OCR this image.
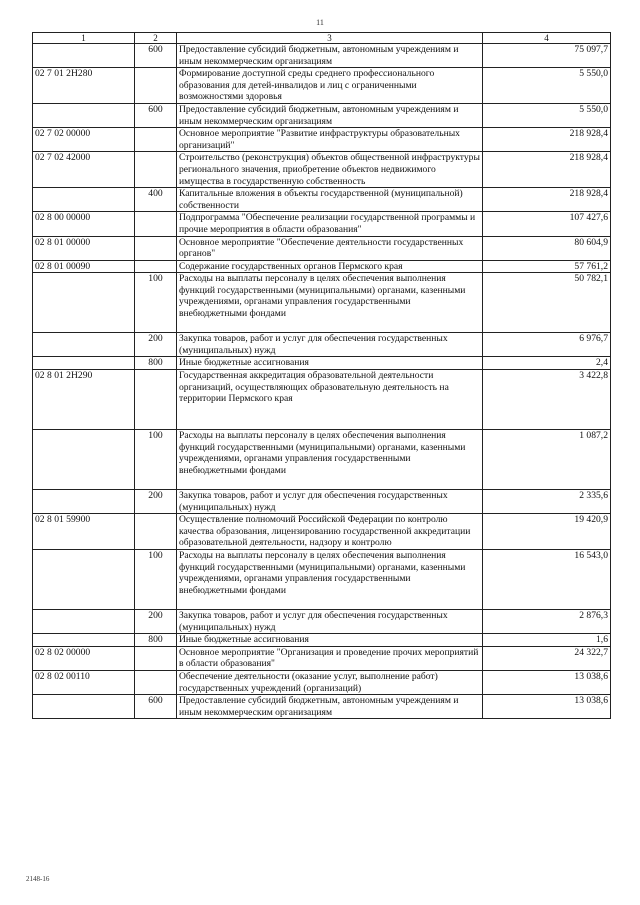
11
1	2	3	4
	600	Предоставление субсидий бюджетным, автономным учреждениям и иным некоммерческим организациям	75 097,7
02 7 01 2Н280		Формирование доступной среды среднего профессионального образования для детей-инвалидов и лиц с ограниченными возможностями здоровья	5 550,0
	600	Предоставление субсидий бюджетным, автономным учреждениям и иным некоммерческим организациям	5 550,0
02 7 02 00000		Основное мероприятие "Развитие инфраструктуры образовательных организаций"	218 928,4
02 7 02 42000		Строительство (реконструкция) объектов общественной инфраструктуры регионального значения, приобретение объектов недвижимого имущества в государственную собственность	218 928,4
	400	Капитальные вложения в объекты государственной (муниципальной) собственности	218 928,4
02 8 00 00000		Подпрограмма "Обеспечение реализации государственной программы и прочие мероприятия в области образования"	107 427,6
02 8 01 00000		Основное мероприятие "Обеспечение деятельности государственных органов"	80 604,9
02 8 01 00090		Содержание государственных органов Пермского края	57 761,2
	100	Расходы на выплаты персоналу в целях обеспечения выполнения функций государственными (муниципальными) органами, казенными учреждениями, органами управления государственными внебюджетными фондами	50 782,1
	200	Закупка товаров, работ и услуг для обеспечения государственных (муниципальных) нужд	6 976,7
	800	Иные бюджетные ассигнования	2,4
02 8 01 2Н290		Государственная аккредитация образовательной деятельности организаций, осуществляющих образовательную деятельность на территории Пермского края	3 422,8
	100	Расходы на выплаты персоналу в целях обеспечения выполнения функций государственными (муниципальными) органами, казенными учреждениями, органами управления государственными внебюджетными фондами	1 087,2
	200	Закупка товаров, работ и услуг для обеспечения государственных (муниципальных) нужд	2 335,6
02 8 01 59900		Осуществление полномочий Российской Федерации по контролю качества образования, лицензированию государственной аккредитации образовательной деятельности, надзору и контролю	19 420,9
	100	Расходы на выплаты персоналу в целях обеспечения выполнения функций государственными (муниципальными) органами, казенными учреждениями, органами управления государственными внебюджетными фондами	16 543,0
	200	Закупка товаров, работ и услуг для обеспечения государственных (муниципальных) нужд	2 876,3
	800	Иные бюджетные ассигнования	1,6
02 8 02 00000		Основное мероприятие "Организация и проведение прочих мероприятий в области образования"	24 322,7
02 8 02 00110		Обеспечение деятельности (оказание услуг, выполнение работ) государственных учреждений (организаций)	13 038,6
	600	Предоставление субсидий бюджетным, автономным учреждениям и иным некоммерческим организациям	13 038,6
2148-16
